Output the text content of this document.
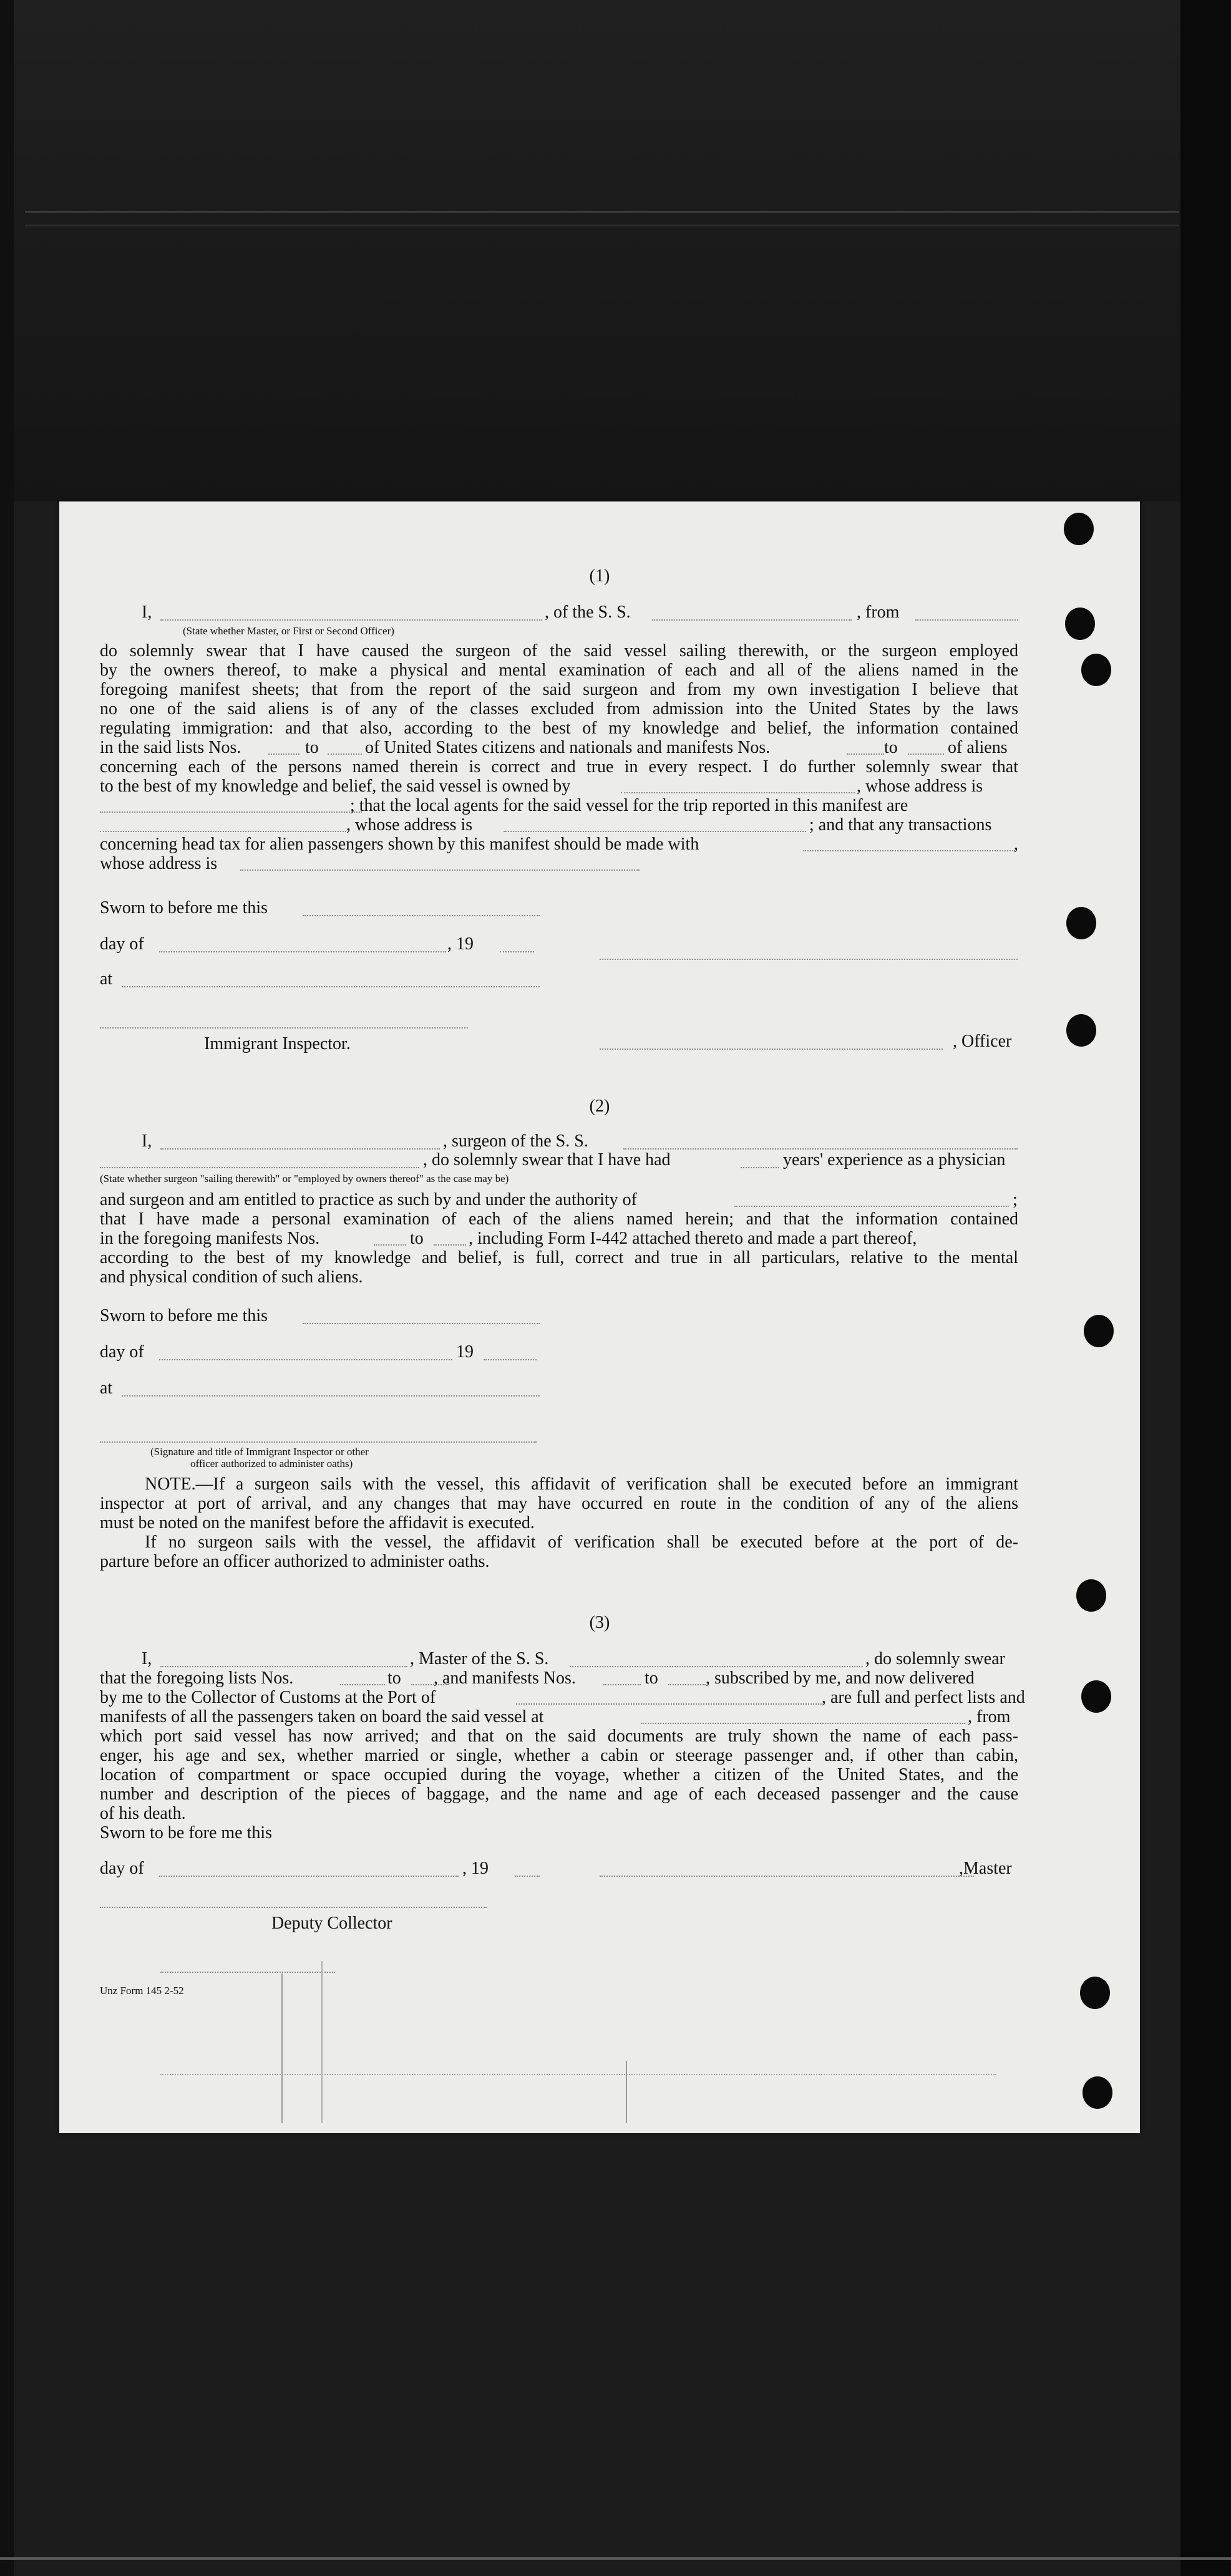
(1)
I,	, of the S. S.	, from
(State whether Master, or First or Second Officer)
do solemnly swear that I have caused the surgeon of the said vessel sailing therewith, or the surgeon employed
by the owners thereof, to make a physical and mental examination of each and all of the aliens named in the
foregoing manifest sheets; that from the report of the said surgeon and from my own investigation I believe that
no one of the said aliens is of any of the classes excluded from admission into the United States by the laws
regulating immigration: and that also, according to the best of my knowledge and belief, the information contained
in the said lists Nos.	to	of United States citizens and nationals and manifests Nos.	to	of aliens
concerning each of the persons named therein is correct and true in every respect. I do further solemnly swear that
to the best of my knowledge and belief, the said vessel is owned by	, whose address is
; that the local agents for the said vessel for the trip reported in this manifest are
, whose address is	; and that any transactions
concerning head tax for alien passengers shown by this manifest should be made with	,
whose address is
Sworn to before me this
day of	, 19
at
Immigrant Inspector.	, Officer
(2)
I,	, surgeon of the S. S.
, do solemnly swear that I have had	years' experience as a physician
(State whether surgeon "sailing therewith" or "employed by owners thereof" as the case may be)
and surgeon and am entitled to practice as such by and under the authority of	;
that I have made a personal examination of each of the aliens named herein; and that the information contained
in the foregoing manifests Nos.	to	, including Form I-442 attached thereto and made a part thereof,
according to the best of my knowledge and belief, is full, correct and true in all particulars, relative to the mental
and physical condition of such aliens.
Sworn to before me this
day of	19
at
(Signature and title of Immigrant Inspector or other
officer authorized to administer oaths)
NOTE.—If a surgeon sails with the vessel, this affidavit of verification shall be executed before an immigrant
inspector at port of arrival, and any changes that may have occurred en route in the condition of any of the aliens
must be noted on the manifest before the affidavit is executed.
If no surgeon sails with the vessel, the affidavit of verification shall be executed before at the port of de-
parture before an officer authorized to administer oaths.
(3)
I,	, Master of the S. S.	, do solemnly swear
that the foregoing lists Nos.	to , and manifests Nos.	to	, subscribed by me, and now delivered
by me to the Collector of Customs at the Port of	, are full and perfect lists and
manifests of all the passengers taken on board the said vessel at	, from
which port said vessel has now arrived; and that on the said documents are truly shown the name of each pass-
enger, his age and sex, whether married or single, whether a cabin or steerage passenger and, if other than cabin,
location of compartment or space occupied during the voyage, whether a citizen of the United States, and the
number and description of the pieces of baggage, and the name and age of each deceased passenger and the cause
of his death.
Sworn to be fore me this
day of	, 19	,Master
Deputy Collector
Unz Form 145 2-52
